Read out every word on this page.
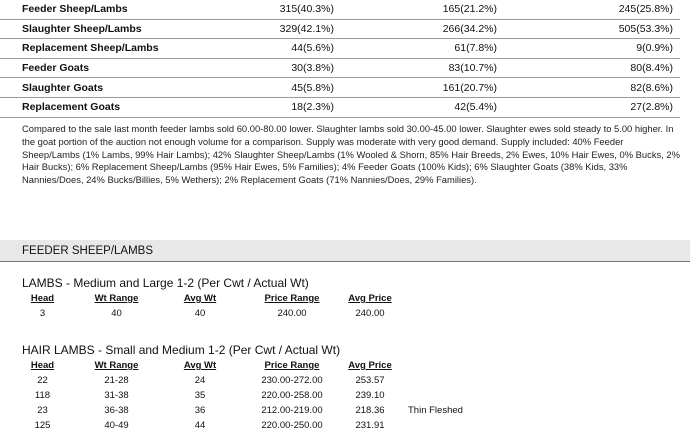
Feeder Sheep/Lambs	315(40.3%)	165(21.2%)	245(25.8%)
Slaughter Sheep/Lambs	329(42.1%)	266(34.2%)	505(53.3%)
Replacement Sheep/Lambs	44(5.6%)	61(7.8%)	9(0.9%)
Feeder Goats	30(3.8%)	83(10.7%)	80(8.4%)
Slaughter Goats	45(5.8%)	161(20.7%)	82(8.6%)
Replacement Goats	18(2.3%)	42(5.4%)	27(2.8%)

Compared to the sale last month feeder lambs sold 60.00-80.00 lower. Slaughter lambs sold 30.00-45.00 lower. Slaughter ewes sold steady to 5.00 higher. In the goat portion of the auction not enough volume for a comparison. Supply was moderate with very good demand. Supply included: 40% Feeder Sheep/Lambs (1% Lambs, 99% Hair Lambs); 42% Slaughter Sheep/Lambs (1% Wooled & Shorn, 85% Hair Breeds, 2% Ewes, 10% Hair Ewes, 0% Bucks, 2% Hair Bucks); 6% Replacement Sheep/Lambs (95% Hair Ewes, 5% Families); 4% Feeder Goats (100% Kids); 6% Slaughter Goats (38% Kids, 33% Nannies/Does, 24% Bucks/Billies, 5% Wethers); 2% Replacement Goats (71% Nannies/Does, 29% Families).

FEEDER SHEEP/LAMBS
LAMBS - Medium and Large 1-2 (Per Cwt / Actual Wt)
Head	Wt Range	Avg Wt	Price Range	Avg Price
3	40	40	240.00	240.00
HAIR LAMBS - Small and Medium 1-2 (Per Cwt / Actual Wt)
Head	Wt Range	Avg Wt	Price Range	Avg Price
22	21-28	24	230.00-272.00	253.57
118	31-38	35	220.00-258.00	239.10
23	36-38	36	212.00-219.00	218.36	Thin Fleshed
125	40-49	44	220.00-250.00	231.91
